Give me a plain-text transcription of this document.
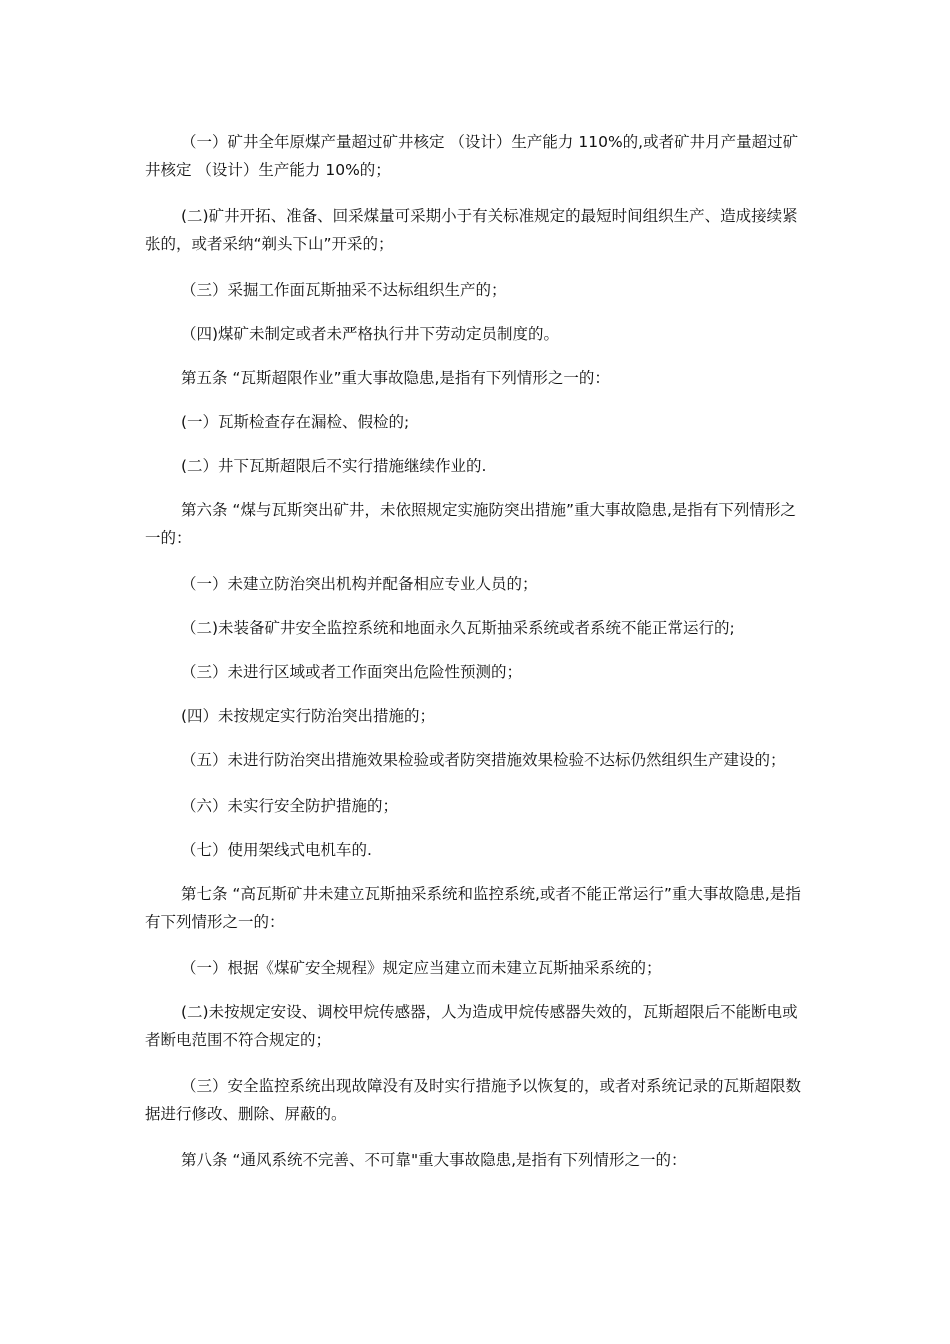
（一）矿井全年原煤产量超过矿井核定 （设计）生产能力 110%的,或者矿井月产量超过矿井核定 （设计）生产能力 10%的；

(二)矿井开拓、准备、回采煤量可采期小于有关标准规定的最短时间组织生产、造成接续紧张的，或者采纳“剃头下山”开采的；

（三）采掘工作面瓦斯抽采不达标组织生产的；

（四)煤矿未制定或者未严格执行井下劳动定员制度的。

第五条 “瓦斯超限作业”重大事故隐患,是指有下列情形之一的：

(一）瓦斯检查存在漏检、假检的;

(二）井下瓦斯超限后不实行措施继续作业的.

第六条 “煤与瓦斯突出矿井，未依照规定实施防突出措施”重大事故隐患,是指有下列情形之一的：

（一）未建立防治突出机构并配备相应专业人员的；

（二)未装备矿井安全监控系统和地面永久瓦斯抽采系统或者系统不能正常运行的;

（三）未进行区域或者工作面突出危险性预测的；

(四）未按规定实行防治突出措施的；

（五）未进行防治突出措施效果检验或者防突措施效果检验不达标仍然组织生产建设的；

（六）未实行安全防护措施的；

（七）使用架线式电机车的.

第七条 “高瓦斯矿井未建立瓦斯抽采系统和监控系统,或者不能正常运行”重大事故隐患,是指有下列情形之一的：

（一）根据《煤矿安全规程》规定应当建立而未建立瓦斯抽采系统的；

(二)未按规定安设、调校甲烷传感器，人为造成甲烷传感器失效的，瓦斯超限后不能断电或者断电范围不符合规定的；

（三）安全监控系统出现故障没有及时实行措施予以恢复的，或者对系统记录的瓦斯超限数据进行修改、删除、屏蔽的。

第八条 “通风系统不完善、不可靠"重大事故隐患,是指有下列情形之一的：
